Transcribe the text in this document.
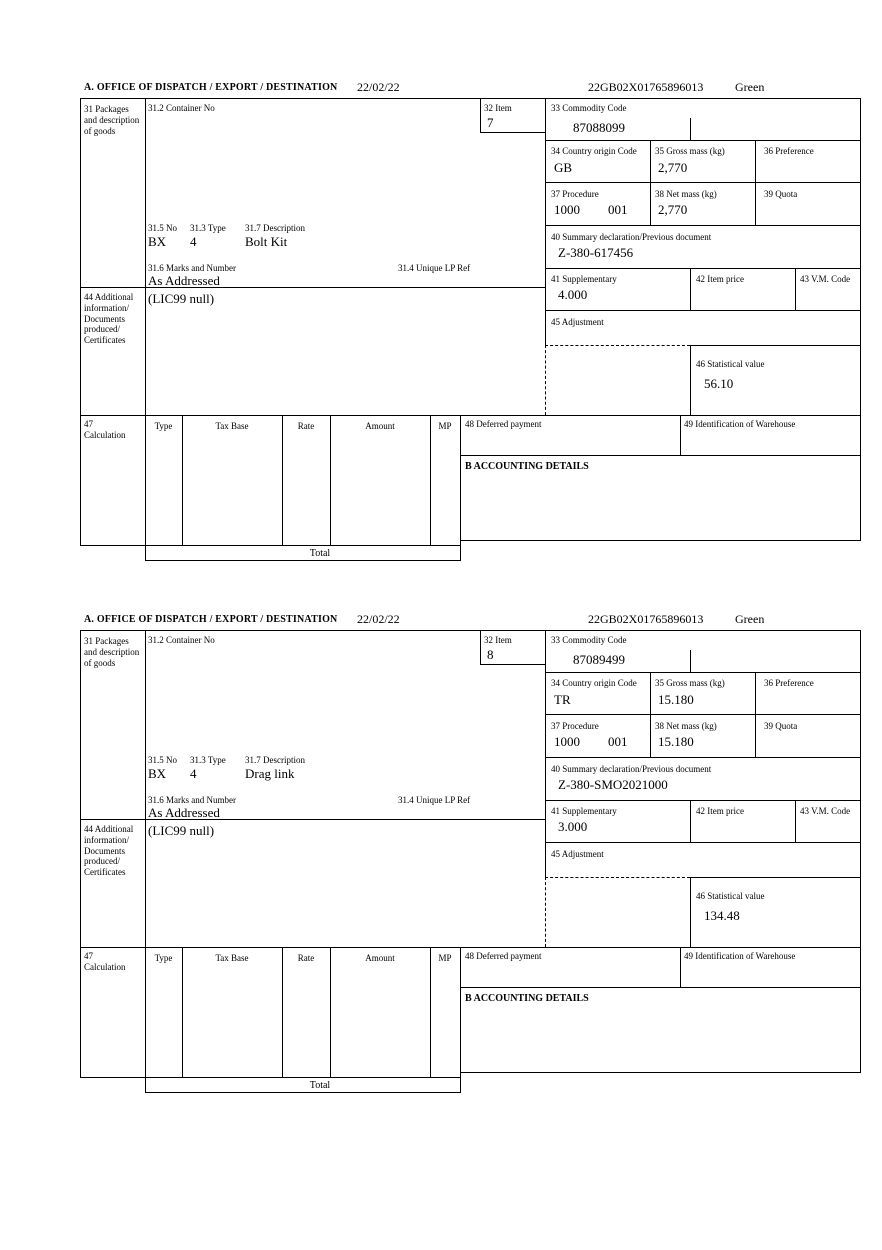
A. OFFICE OF DISPATCH / EXPORT / DESTINATION 22/02/22	22GB02X01765896013	Green
31 Packages and description of goods
44 Additional information/ Documents produced/ Certificates
47 Calculation
31.2 Container No	32 Item
7
31.5 No 31.3 Type 31.7 Description
BX 4	Bolt Kit
31.6 Marks and Number	31.4 Unique LP Ref
As Addressed
(LIC99 null)
33 Commodity Code
87088099
34 Country origin Code
GB
35 Gross mass (kg)
2,770
36 Preference
37 Procedure
1000 001
38 Net mass (kg)
2,770
39 Quota
40 Summary declaration/Previous document
Z-380-617456
41 Supplementary
4.000
42 Item price	43 V.M. Code
45 Adjustment
46 Statistical value
56.10
Type	Tax Base	Rate	Amount	MP
Total
48 Deferred payment	49 Identification of Warehouse
B ACCOUNTING DETAILS
A. OFFICE OF DISPATCH / EXPORT / DESTINATION 22/02/22	22GB02X01765896013	Green
31 Packages and description of goods
44 Additional information/ Documents produced/ Certificates
47 Calculation
31.2 Container No	32 Item
8
31.5 No 31.3 Type 31.7 Description
BX 4	Drag link
31.6 Marks and Number	31.4 Unique LP Ref
As Addressed
(LIC99 null)
33 Commodity Code
87089499
34 Country origin Code
TR
35 Gross mass (kg)
15.180
36 Preference
37 Procedure
1000 001
38 Net mass (kg)
15.180
39 Quota
40 Summary declaration/Previous document
Z-380-SMO2021000
41 Supplementary
3.000
42 Item price	43 V.M. Code
45 Adjustment
46 Statistical value
134.48
Type	Tax Base	Rate	Amount	MP
Total
48 Deferred payment	49 Identification of Warehouse
B ACCOUNTING DETAILS
